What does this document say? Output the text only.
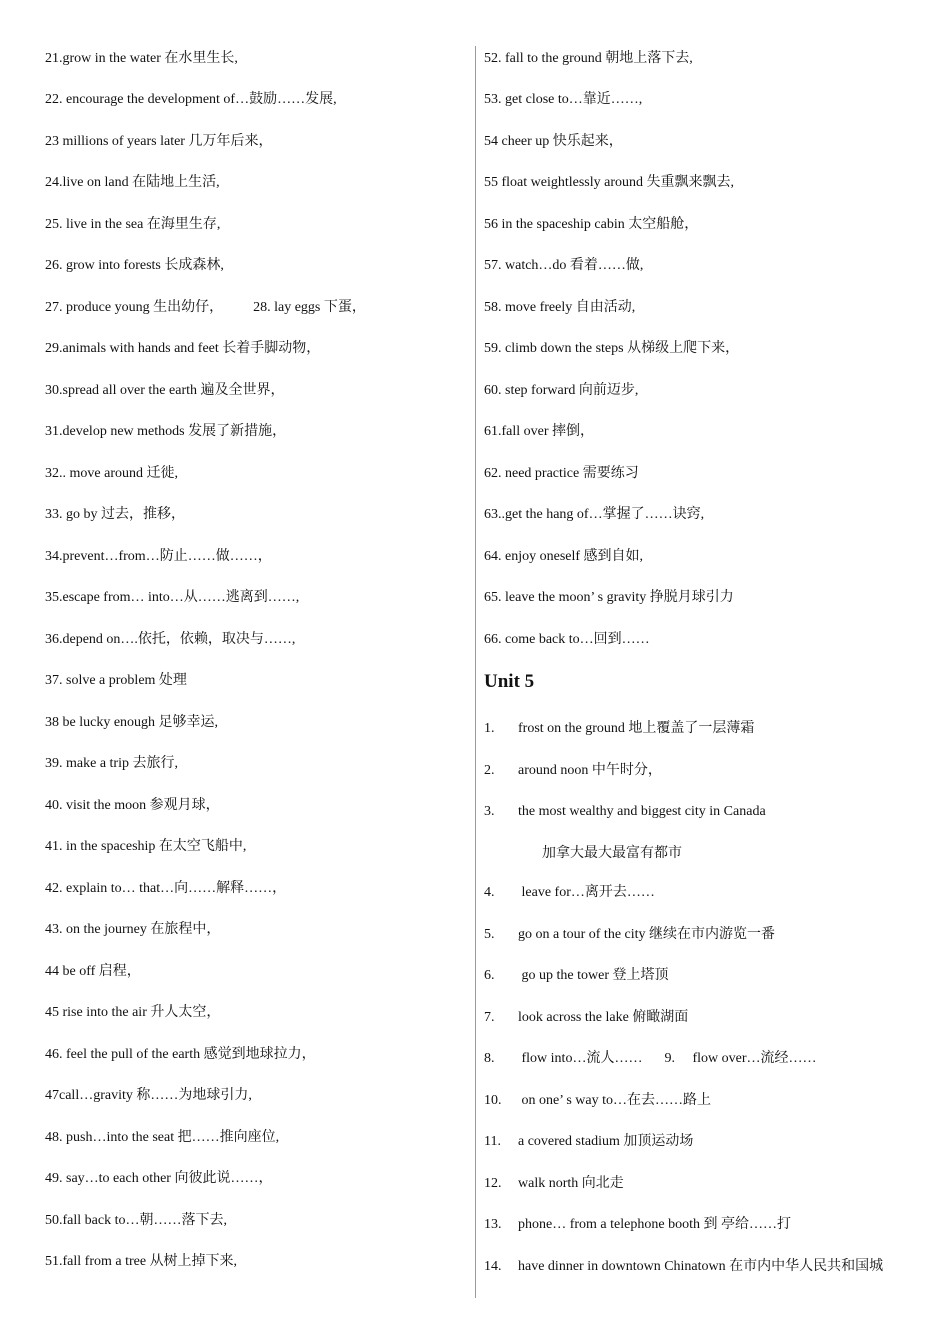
21.grow in the water 在水里生长,
22. encourage the development of…鼓励……发展,
23 millions of years later 几万年后来，
24.live on land 在陆地上生活,
25. live in the sea 在海里生存,
26. grow into forests 长成森林,
27. produce young 生出幼仔， 28. lay eggs 下蛋，
29.animals with hands and feet 长着手脚动物，
30.spread all over the earth 遍及全世界，
31.develop new methods 发展了新措施，
32.. move around 迁徙,
33. go by 过去，推移，
34.prevent…from…防止……做……，
35.escape from… into…从……逃离到……,
36.depend on….依托，依赖，取决与……,
37. solve a problem 处理
38 be lucky enough 足够幸运,
39. make a trip 去旅行,
40. visit the moon 参观月球，
41. in the spaceship 在太空飞船中,
42. explain to… that…向……解释……，
43. on the journey 在旅程中，
44 be off 启程，
45 rise into the air 升人太空，
46. feel the pull of the earth 感觉到地球拉力，
47call…gravity 称……为地球引力,
48. push…into the seat 把……推向座位,
49. say…to each other 向彼此说……，
50.fall back to…朝……落下去,
51.fall from a tree 从树上掉下来,
52. fall to the ground 朝地上落下去,
53. get close to…靠近……,
54 cheer up 快乐起来，
55 float weightlessly around 失重飘来飘去,
56 in the spaceship cabin 太空船舱，
57. watch…do 看着……做,
58. move freely 自由活动,
59. climb down the steps 从梯级上爬下来，
60. step forward 向前迈步,
61.fall over 摔倒，
62. need practice 需要练习
63..get the hang of…掌握了……诀窍,
64. enjoy oneself 感到自如,
65. leave the moon’ s gravity 挣脱月球引力
66. come back to…回到……
Unit 5
1. frost on the ground 地上覆盖了一层薄霜
2. around noon 中午时分，
3. the most wealthy and biggest city in Canada
加拿大最大最富有都市
4. leave for…离开去……
5. go on a tour of the city 继续在市内游览一番
6. go up the tower 登上塔顶
7. look across the lake 俯瞰湖面
8. flow into…流人…… 9. flow over…流经……
10. on one’ s way to…在去……路上
11. a covered stadium 加顶运动场
12. walk north 向北走
13. phone… from a telephone booth 到 亭给……打
14. have dinner in downtown Chinatown 在市内中华人民共和国城
